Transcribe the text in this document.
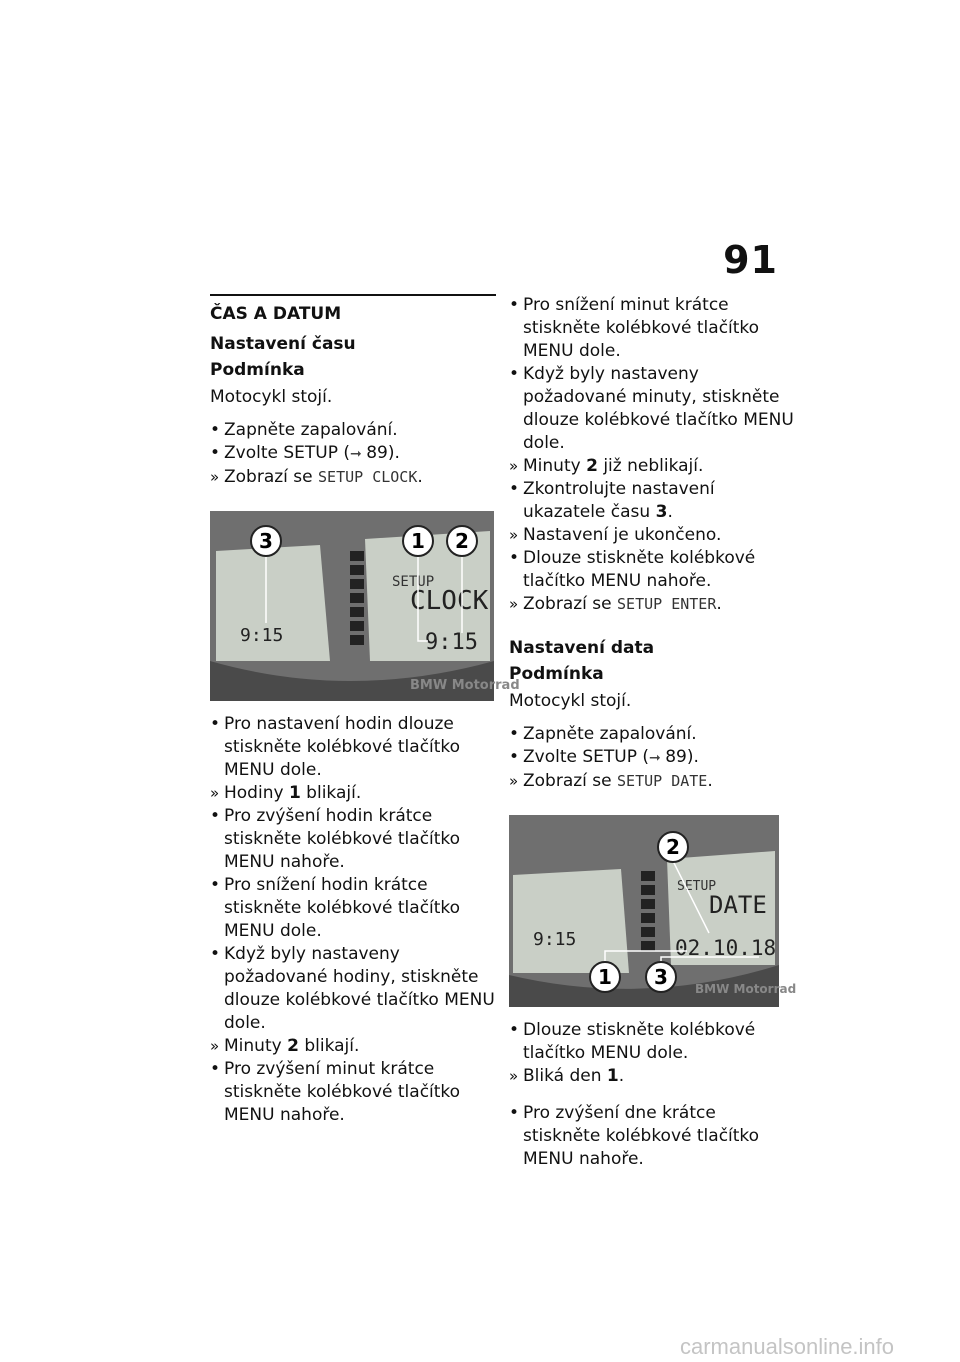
91
ČAS A DATUM
Nastavení času
Podmínka
Motocykl stojí.
• Zapněte zapalování.
• Zvolte SETUP (➞ 89).
» Zobrazí se SETUP CLOCK.
SETUP
CLOCK
9:15
9:15
3	1 2
BMW Motorrad
• Pro nastavení hodin dlouze stiskněte kolébkové tlačítko MENU dole.
» Hodiny 1 blikají.
• Pro zvýšení hodin krátce stiskněte kolébkové tlačítko MENU nahoře.
• Pro snížení hodin krátce stiskněte kolébkové tlačítko MENU dole.
• Když byly nastaveny požadované hodiny, stiskněte dlouze kolébkové tlačítko MENU dole.
» Minuty 2 blikají.
• Pro zvýšení minut krátce stiskněte kolébkové tlačítko MENU nahoře.
• Pro snížení minut krátce stiskněte kolébkové tlačítko MENU dole.
• Když byly nastaveny požadované minuty, stiskněte dlouze kolébkové tlačítko MENU dole.
» Minuty 2 již neblikají.
• Zkontrolujte nastavení ukazatele času 3.
» Nastavení je ukončeno.
• Dlouze stiskněte kolébkové tlačítko MENU nahoře.
» Zobrazí se SETUP ENTER.
Nastavení data
Podmínka
Motocykl stojí.
• Zapněte zapalování.
• Zvolte SETUP (➞ 89).
» Zobrazí se SETUP DATE.
SETUP
DATE
02.10.18
9:15
2
1 3 BMW Motorrad
• Dlouze stiskněte kolébkové tlačítko MENU dole.
» Bliká den 1.
• Pro zvýšení dne krátce stiskněte kolébkové tlačítko MENU nahoře.
carmanualsonline.info
